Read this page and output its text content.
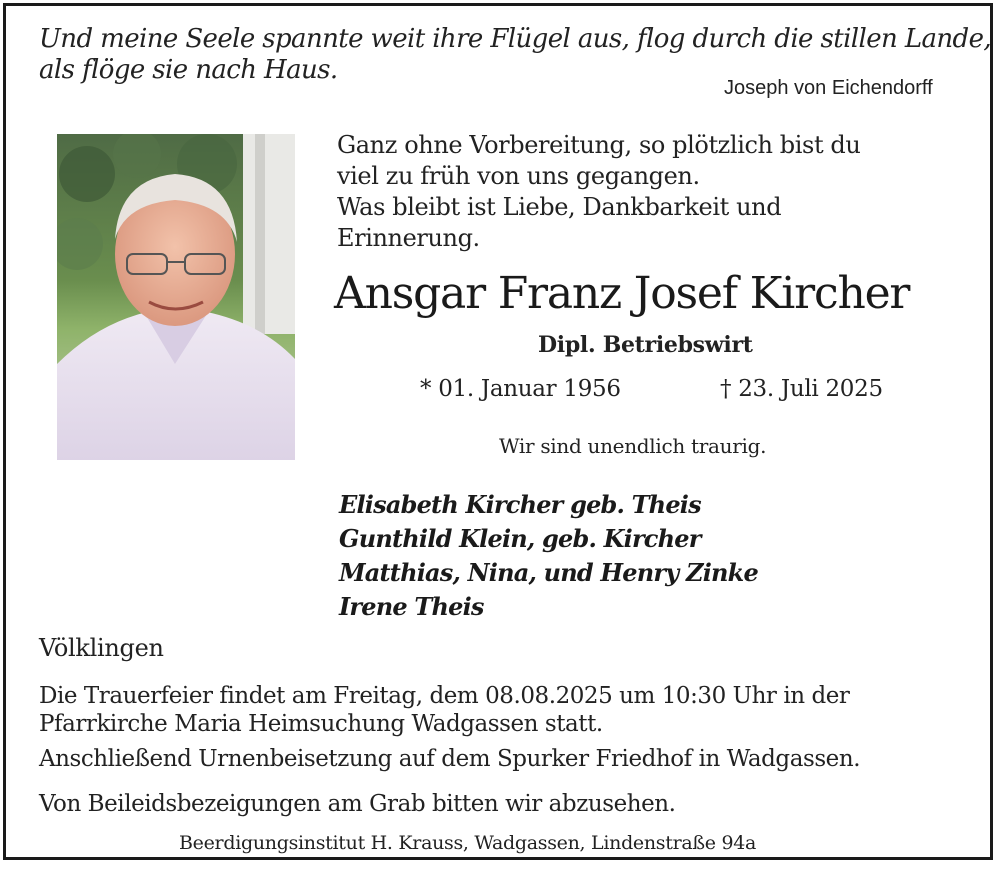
Und meine Seele spannte weit ihre Flügel aus, flog durch die stillen Lande,
als flöge sie nach Haus.
Joseph von Eichendorff
Ganz ohne Vorbereitung, so plötzlich bist du
viel zu früh von uns gegangen.
Was bleibt ist Liebe, Dankbarkeit und
Erinnerung.
Ansgar Franz Josef Kircher
Dipl. Betriebswirt
* 01. Januar 1956	† 23. Juli 2025
Wir sind unendlich traurig.
Elisabeth Kircher geb. Theis
Gunthild Klein, geb. Kircher
Matthias, Nina, und Henry Zinke
Irene Theis
Völklingen
Die Trauerfeier findet am Freitag, dem 08.08.2025 um 10:30 Uhr in der
Pfarrkirche Maria Heimsuchung Wadgassen statt.
Anschließend Urnenbeisetzung auf dem Spurker Friedhof in Wadgassen.
Von Beileidsbezeigungen am Grab bitten wir abzusehen.
Beerdigungsinstitut H. Krauss, Wadgassen, Lindenstraße 94a
